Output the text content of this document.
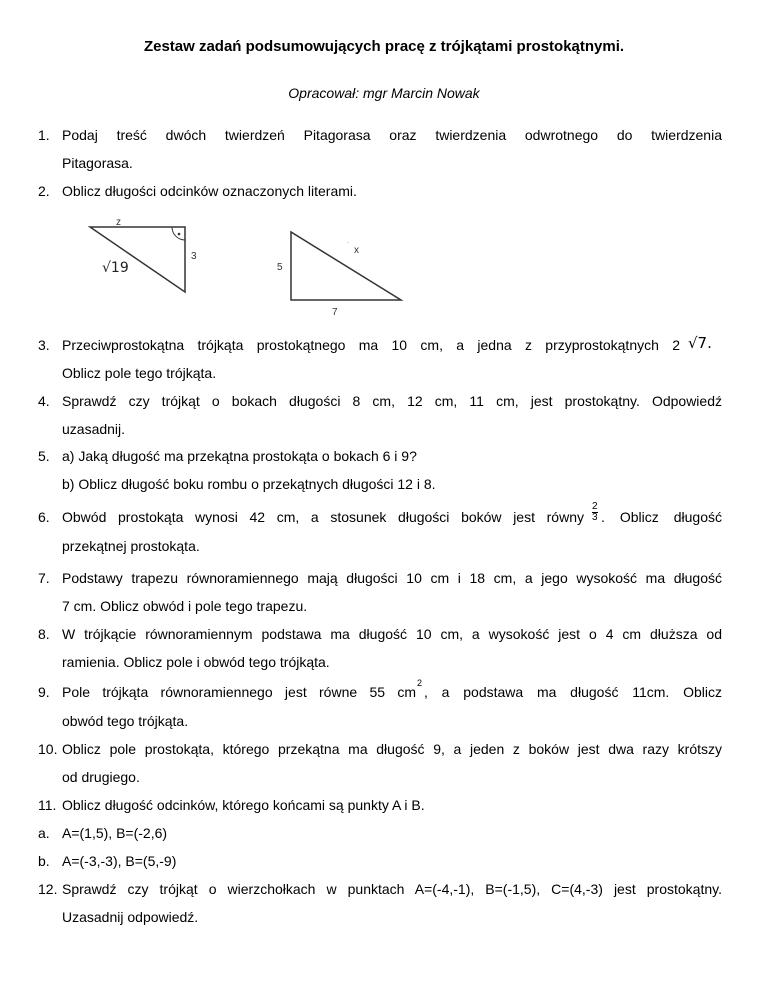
Zestaw zadań podsumowujących pracę z trójkątami prostokątnymi.
Opracował: mgr Marcin Nowak
1. Podaj treść dwóch twierdzeń Pitagorasa oraz twierdzenia odwrotnego do twierdzenia
Pitagorasa.
2. Oblicz długości odcinków oznaczonych literami.
z
3
√19
x
·
5
7
3. Przeciwprostokątna trójkąta prostokątnego ma 10 cm, a jedna z przyprostokątnych 2 √7.
Oblicz pole tego trójkąta.
4. Sprawdź czy trójkąt o bokach długości 8 cm, 12 cm, 11 cm, jest prostokątny. Odpowiedź
uzasadnij.
5. a) Jaką długość ma przekątna prostokąta o bokach 6 i 9?
b) Oblicz długość boku rombu o przekątnych długości 12 i 8.
6. Obwód prostokąta wynosi 42 cm, a stosunek długości boków jest równy $\frac{2}{3}$ . Oblicz długość
przekątnej prostokąta.
7. Podstawy trapezu równoramiennego mają długości 10 cm i 18 cm, a jego wysokość ma długość
7 cm. Oblicz obwód i pole tego trapezu.
8. W trójkącie równoramiennym podstawa ma długość 10 cm, a wysokość jest o 4 cm dłuższa od
ramienia. Oblicz pole i obwód tego trójkąta.
9. Pole trójkąta równoramiennego jest równe 55 cm
2
, a podstawa ma długość 11cm. Oblicz
obwód tego trójkąta.
10. Oblicz pole prostokąta, którego przekątna ma długość 9, a jeden z boków jest dwa razy krótszy
od drugiego.
11. Oblicz długość odcinków, którego końcami są punkty A i B.
a. A=(1,5), B=(-2,6)
b. A=(-3,-3), B=(5,-9)
12. Sprawdź czy trójkąt o wierzchołkach w punktach A=(-4,-1), B=(-1,5), C=(4,-3) jest prostokątny.
Uzasadnij odpowiedź.
